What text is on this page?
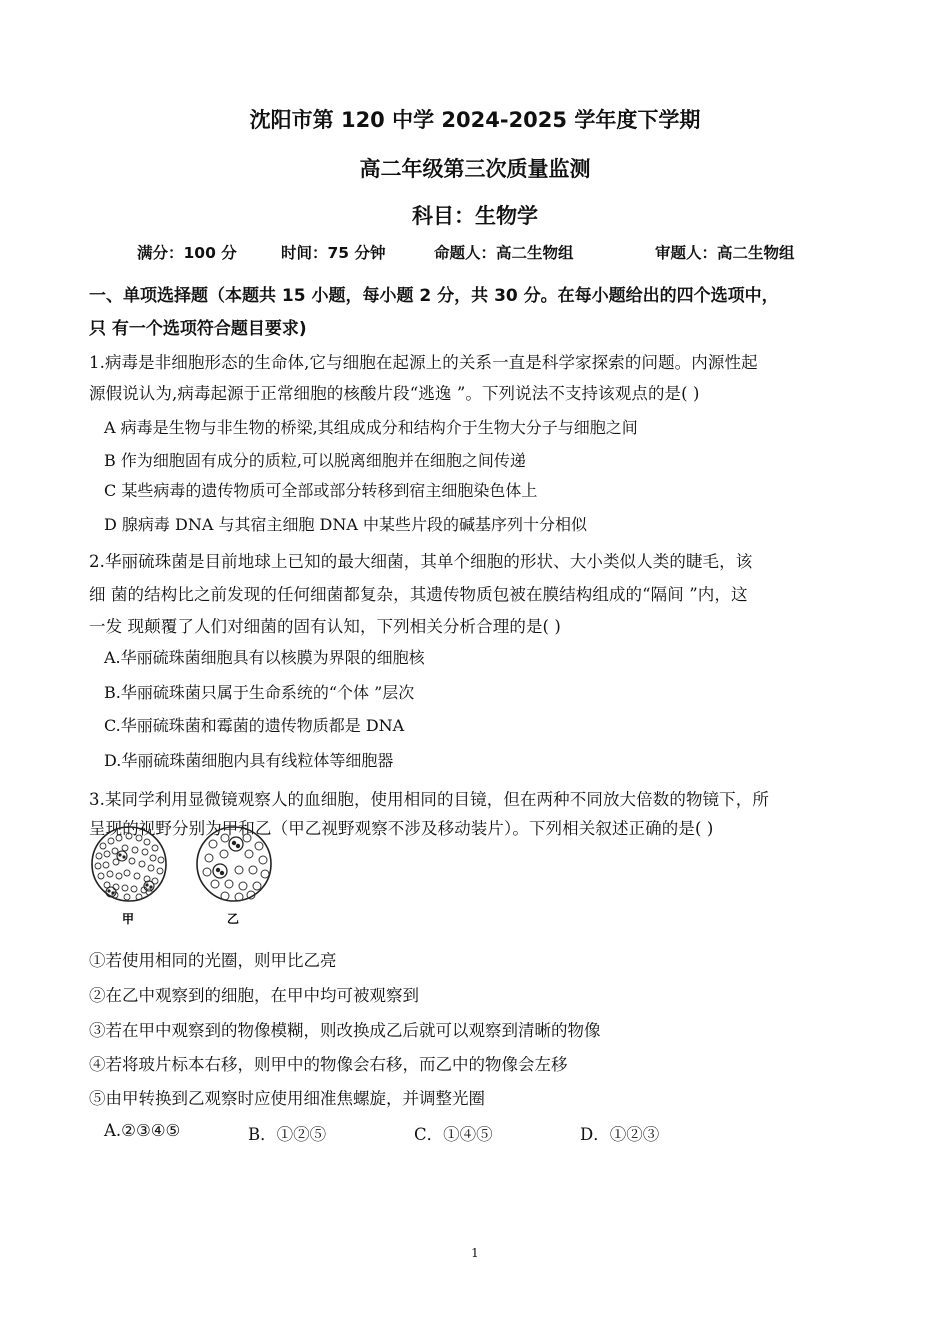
沈阳市第 120 中学 2024-2025 学年度下学期
高二年级第三次质量监测
科目：生物学
满分：100 分	时间：75 分钟	命题人：高二生物组	审题人：高二生物组
一、单项选择题（本题共 15 小题，每小题 2 分，共 30 分。在每小题给出的四个选项中，
只 有一个选项符合题目要求)
1.病毒是非细胞形态的生命体,它与细胞在起源上的关系一直是科学家探索的问题。内源性起
源假说认为,病毒起源于正常细胞的核酸片段“逃逸 ”。下列说法不支持该观点的是( )
A 病毒是生物与非生物的桥梁,其组成成分和结构介于生物大分子与细胞之间
B 作为细胞固有成分的质粒,可以脱离细胞并在细胞之间传递
C 某些病毒的遗传物质可全部或部分转移到宿主细胞染色体上
D 腺病毒 DNA 与其宿主细胞 DNA 中某些片段的碱基序列十分相似
2.华丽硫珠菌是目前地球上已知的最大细菌，其单个细胞的形状、大小类似人类的睫毛，该
细 菌的结构比之前发现的任何细菌都复杂，其遗传物质包被在膜结构组成的“隔间 ”内，这
一发 现颠覆了人们对细菌的固有认知，下列相关分析合理的是( )
A.华丽硫珠菌细胞具有以核膜为界限的细胞核
B.华丽硫珠菌只属于生命系统的“个体 ”层次
C.华丽硫珠菌和霉菌的遗传物质都是 DNA
D.华丽硫珠菌细胞内具有线粒体等细胞器
3.某同学利用显微镜观察人的血细胞，使用相同的目镜，但在两种不同放大倍数的物镜下，所
呈现的视野分别为甲和乙（甲乙视野观察不涉及移动装片）。下列相关叙述正确的是( )
甲	乙
①若使用相同的光圈，则甲比乙亮
②在乙中观察到的细胞，在甲中均可被观察到
③若在甲中观察到的物像模糊，则改换成乙后就可以观察到清晰的物像
④若将玻片标本右移，则甲中的物像会右移，而乙中的物像会左移
⑤由甲转换到乙观察时应使用细准焦螺旋，并调整光圈
A.②③④⑤	B．①②⑤	C．①④⑤	D．①②③
1
